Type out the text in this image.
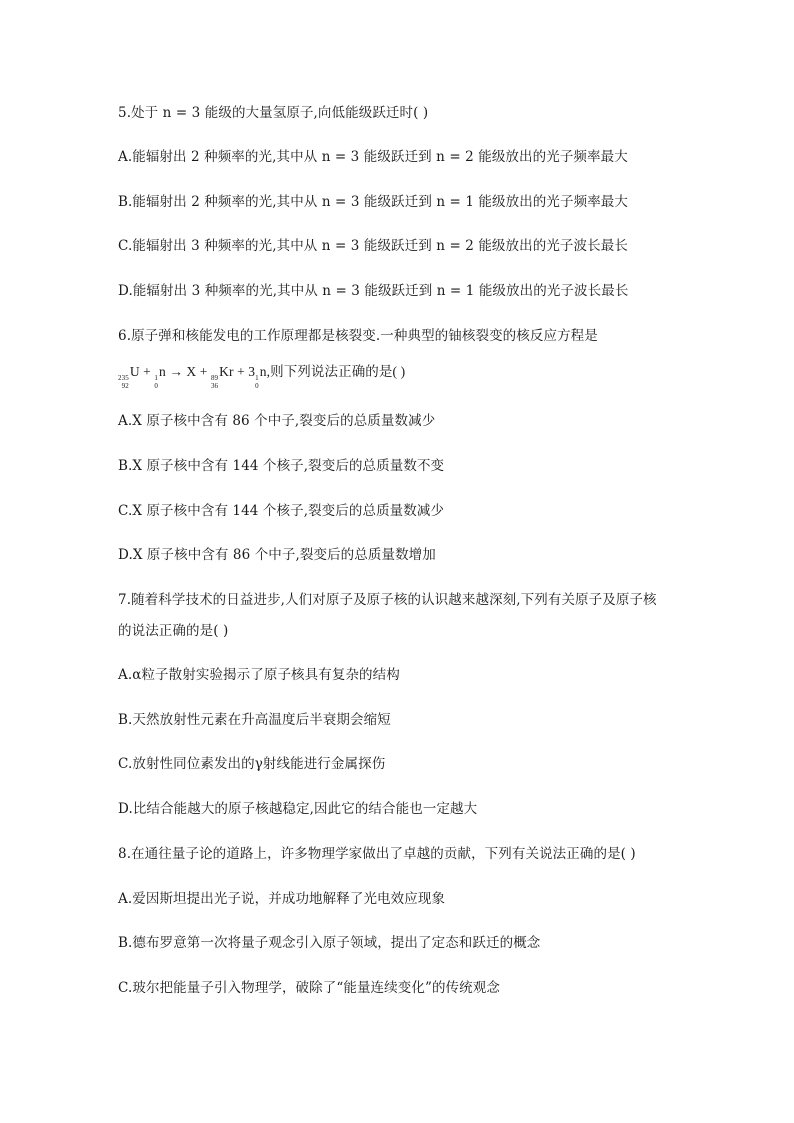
5.处于 n = 3 能级的大量氢原子,向低能级跃迁时( )
A.能辐射出 2 种频率的光,其中从 n = 3 能级跃迁到 n = 2 能级放出的光子频率最大
B.能辐射出 2 种频率的光,其中从 n = 3 能级跃迁到 n = 1 能级放出的光子频率最大
C.能辐射出 3 种频率的光,其中从 n = 3 能级跃迁到 n = 2 能级放出的光子波长最长
D.能辐射出 3 种频率的光,其中从 n = 3 能级跃迁到 n = 1 能级放出的光子波长最长
6.原子弹和核能发电的工作原理都是核裂变.一种典型的铀核裂变的核反应方程是
235
92
U + 1
0
n → X + 89
36
Kr + 3 1
0
n,则下列说法正确的是( )
A.X 原子核中含有 86 个中子,裂变后的总质量数减少
B.X 原子核中含有 144 个核子,裂变后的总质量数不变
C.X 原子核中含有 144 个核子,裂变后的总质量数减少
D.X 原子核中含有 86 个中子,裂变后的总质量数增加
7.随着科学技术的日益进步,人们对原子及原子核的认识越来越深刻,下列有关原子及原子核
的说法正确的是( )
A.α粒子散射实验揭示了原子核具有复杂的结构
B.天然放射性元素在升高温度后半衰期会缩短
C.放射性同位素发出的γ射线能进行金属探伤
D.比结合能越大的原子核越稳定,因此它的结合能也一定越大
8.在通往量子论的道路上，许多物理学家做出了卓越的贡献，下列有关说法正确的是( )
A.爱因斯坦提出光子说，并成功地解释了光电效应现象
B.德布罗意第一次将量子观念引入原子领域，提出了定态和跃迁的概念
C.玻尔把能量子引入物理学，破除了“能量连续变化”的传统观念
